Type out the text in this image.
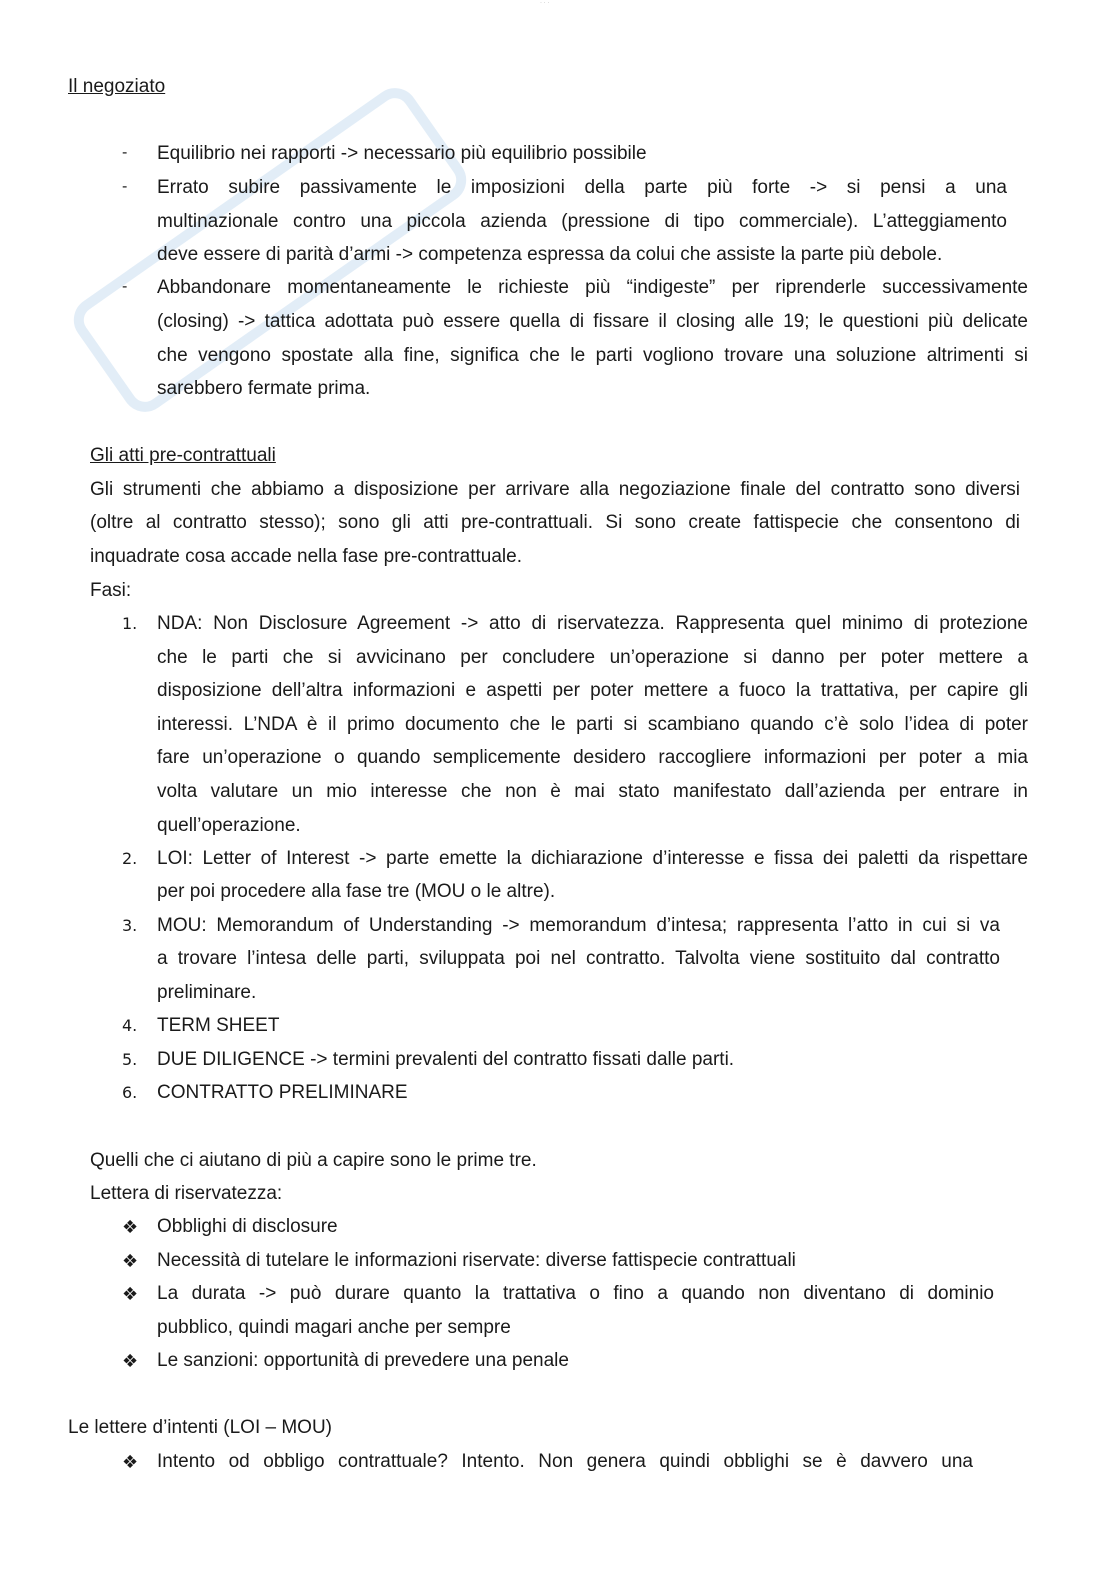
· · ·
Il negoziato
-	Equilibrio nei rapporti -> necessario più equilibrio possibile
-	Errato subire passivamente le imposizioni della parte più forte -> si pensi a una
multinazionale contro una piccola azienda (pressione di tipo commerciale). L’atteggiamento
deve essere di parità d’armi -> competenza espressa da colui che assiste la parte più debole.
-	Abbandonare momentaneamente le richieste più “indigeste” per riprenderle successivamente
(closing) -> tattica adottata può essere quella di fissare il closing alle 19; le questioni più delicate
che vengono spostate alla fine, significa che le parti vogliono trovare una soluzione altrimenti si
sarebbero fermate prima.
Gli atti pre-contrattuali
Gli strumenti che abbiamo a disposizione per arrivare alla negoziazione finale del contratto sono diversi
(oltre al contratto stesso); sono gli atti pre-contrattuali. Si sono create fattispecie che consentono di
inquadrate cosa accade nella fase pre-contrattuale.
Fasi:
1.	NDA: Non Disclosure Agreement -> atto di riservatezza. Rappresenta quel minimo di protezione
che le parti che si avvicinano per concludere un’operazione si danno per poter mettere a
disposizione dell’altra informazioni e aspetti per poter mettere a fuoco la trattativa, per capire gli
interessi. L’NDA è il primo documento che le parti si scambiano quando c’è solo l’idea di poter
fare un’operazione o quando semplicemente desidero raccogliere informazioni per poter a mia
volta valutare un mio interesse che non è mai stato manifestato dall’azienda per entrare in
quell’operazione.
2.	LOI: Letter of Interest -> parte emette la dichiarazione d’interesse e fissa dei paletti da rispettare
per poi procedere alla fase tre (MOU o le altre).
3.	MOU: Memorandum of Understanding -> memorandum d’intesa; rappresenta l’atto in cui si va
a trovare l’intesa delle parti, sviluppata poi nel contratto. Talvolta viene sostituito dal contratto
preliminare.
4.	TERM SHEET
5.	DUE DILIGENCE -> termini prevalenti del contratto fissati dalle parti.
6.	CONTRATTO PRELIMINARE
Quelli che ci aiutano di più a capire sono le prime tre.
Lettera di riservatezza:
❖ Obblighi di disclosure
❖ Necessità di tutelare le informazioni riservate: diverse fattispecie contrattuali
❖ La durata -> può durare quanto la trattativa o fino a quando non diventano di dominio
pubblico, quindi magari anche per sempre
❖ Le sanzioni: opportunità di prevedere una penale
Le lettere d’intenti (LOI – MOU)
❖ Intento od obbligo contrattuale? Intento. Non genera quindi obblighi se è davvero una
